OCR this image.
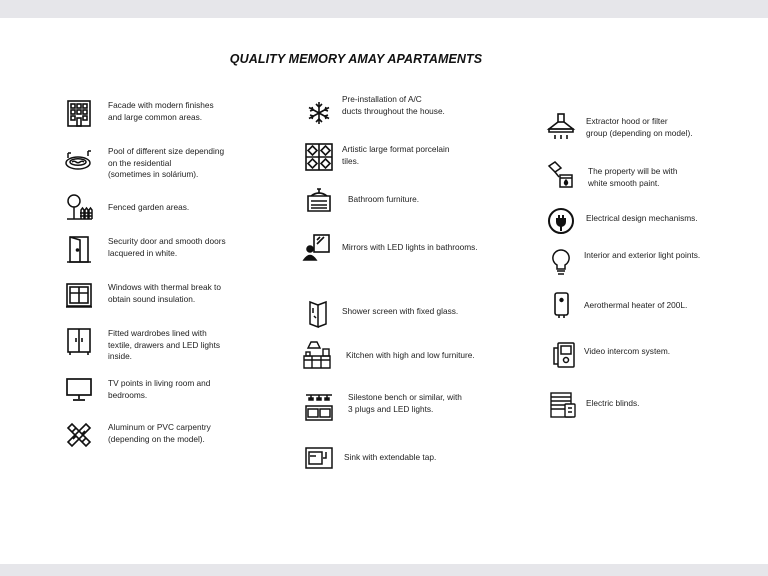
QUALITY MEMORY AMAY APARTAMENTS
Facade with modern finishes
and large common areas.
Pool of different size depending
on the residential
(sometimes in solárium).
Fenced garden areas.
Security door and smooth doors
lacquered in white.
Windows with thermal break to
obtain sound insulation.
Fitted wardrobes lined with
textile, drawers and LED lights
inside.
TV points in living room and
bedrooms.
Aluminum or PVC carpentry
(depending on the model).
Pre-installation of A/C
ducts throughout the house.
Artistic large format porcelain
tiles.
Bathroom furniture.
Mirrors with LED lights in bathrooms.
Shower screen with fixed glass.
Kitchen with high and low furniture.
Silestone bench or similar, with
3 plugs and LED lights.
Sink with extendable tap.
Extractor hood or filter
group (depending on model).
The property will be with
white smooth paint.
Electrical design mechanisms.
Interior and exterior light points.
Aerothermal heater of 200L.
Video intercom system.
Electric blinds.
